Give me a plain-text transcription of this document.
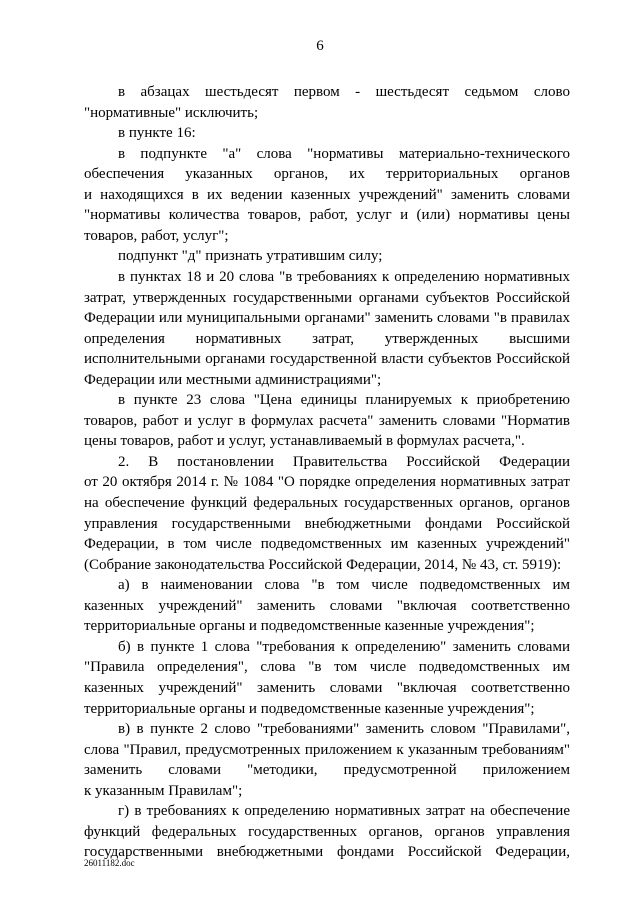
6
в абзацах шестьдесят первом - шестьдесят седьмом слово
"нормативные" исключить;
в пункте 16:
в подпункте "а" слова "нормативы материально-технического
обеспечения указанных органов, их территориальных органов
и находящихся в их ведении казенных учреждений" заменить словами
"нормативы количества товаров, работ, услуг и (или) нормативы цены
товаров, работ, услуг";
подпункт "д" признать утратившим силу;
в пунктах 18 и 20 слова "в требованиях к определению нормативных
затрат, утвержденных государственными органами субъектов Российской
Федерации или муниципальными органами" заменить словами "в правилах
определения нормативных затрат, утвержденных высшими
исполнительными органами государственной власти субъектов Российской
Федерации или местными администрациями";
в пункте 23 слова "Цена единицы планируемых к приобретению
товаров, работ и услуг в формулах расчета" заменить словами "Норматив
цены товаров, работ и услуг, устанавливаемый в формулах расчета,".
2. В постановлении Правительства Российской Федерации
от 20 октября 2014 г. № 1084 "О порядке определения нормативных затрат
на обеспечение функций федеральных государственных органов, органов
управления государственными внебюджетными фондами Российской
Федерации, в том числе подведомственных им казенных учреждений"
(Собрание законодательства Российской Федерации, 2014, № 43, ст. 5919):
а) в наименовании слова "в том числе подведомственных им
казенных учреждений" заменить словами "включая соответственно
территориальные органы и подведомственные казенные учреждения";
б) в пункте 1 слова "требования к определению" заменить словами
"Правила определения", слова "в том числе подведомственных им
казенных учреждений" заменить словами "включая соответственно
территориальные органы и подведомственные казенные учреждения";
в) в пункте 2 слово "требованиями" заменить словом "Правилами",
слова "Правил, предусмотренных приложением к указанным требованиям"
заменить словами "методики, предусмотренной приложением
к указанным Правилам";
г) в требованиях к определению нормативных затрат на обеспечение
функций федеральных государственных органов, органов управления
государственными внебюджетными фондами Российской Федерации,
26011182.doc
